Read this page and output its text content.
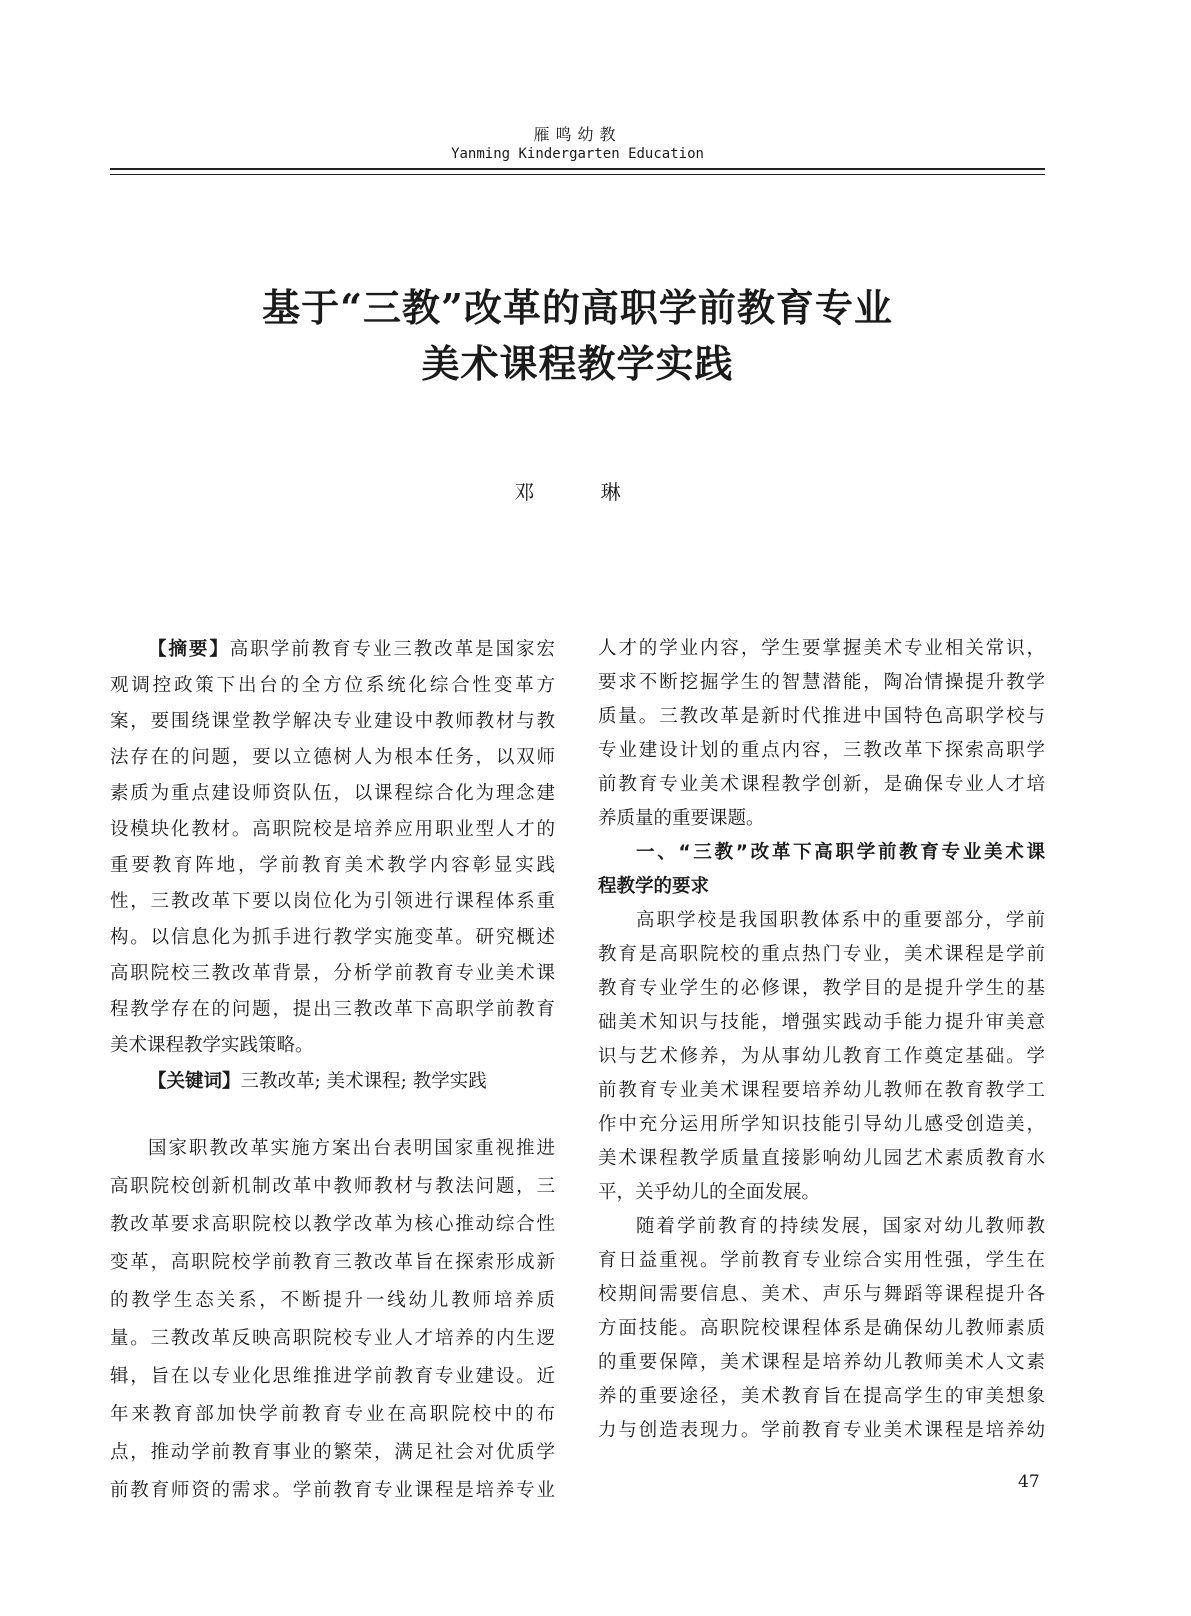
雁鸣幼教
Yanming Kindergarten Education
基于“三教”改革的高职学前教育专业
美术课程教学实践
邓 琳
【摘要】高职学前教育专业三教改革是国家宏
观调控政策下出台的全方位系统化综合性变革方
案，要围绕课堂教学解决专业建设中教师教材与教
法存在的问题，要以立德树人为根本任务，以双师
素质为重点建设师资队伍，以课程综合化为理念建
设模块化教材。高职院校是培养应用职业型人才的
重要教育阵地，学前教育美术教学内容彰显实践
性，三教改革下要以岗位化为引领进行课程体系重
构。以信息化为抓手进行教学实施变革。研究概述
高职院校三教改革背景，分析学前教育专业美术课
程教学存在的问题，提出三教改革下高职学前教育
美术课程教学实践策略。
【关键词】三教改革; 美术课程; 教学实践
国家职教改革实施方案出台表明国家重视推进
高职院校创新机制改革中教师教材与教法问题，三
教改革要求高职院校以教学改革为核心推动综合性
变革，高职院校学前教育三教改革旨在探索形成新
的教学生态关系，不断提升一线幼儿教师培养质
量。三教改革反映高职院校专业人才培养的内生逻
辑，旨在以专业化思维推进学前教育专业建设。近
年来教育部加快学前教育专业在高职院校中的布
点，推动学前教育事业的繁荣，满足社会对优质学
前教育师资的需求。学前教育专业课程是培养专业
人才的学业内容，学生要掌握美术专业相关常识，
要求不断挖掘学生的智慧潜能，陶冶情操提升教学
质量。三教改革是新时代推进中国特色高职学校与
专业建设计划的重点内容，三教改革下探索高职学
前教育专业美术课程教学创新，是确保专业人才培
养质量的重要课题。
一、“三教”改革下高职学前教育专业美术课
程教学的要求
高职学校是我国职教体系中的重要部分，学前
教育是高职院校的重点热门专业，美术课程是学前
教育专业学生的必修课，教学目的是提升学生的基
础美术知识与技能，增强实践动手能力提升审美意
识与艺术修养，为从事幼儿教育工作奠定基础。学
前教育专业美术课程要培养幼儿教师在教育教学工
作中充分运用所学知识技能引导幼儿感受创造美，
美术课程教学质量直接影响幼儿园艺术素质教育水
平，关乎幼儿的全面发展。
随着学前教育的持续发展，国家对幼儿教师教
育日益重视。学前教育专业综合实用性强，学生在
校期间需要信息、美术、声乐与舞蹈等课程提升各
方面技能。高职院校课程体系是确保幼儿教师素质
的重要保障，美术课程是培养幼儿教师美术人文素
养的重要途径，美术教育旨在提高学生的审美想象
力与创造表现力。学前教育专业美术课程是培养幼
47
